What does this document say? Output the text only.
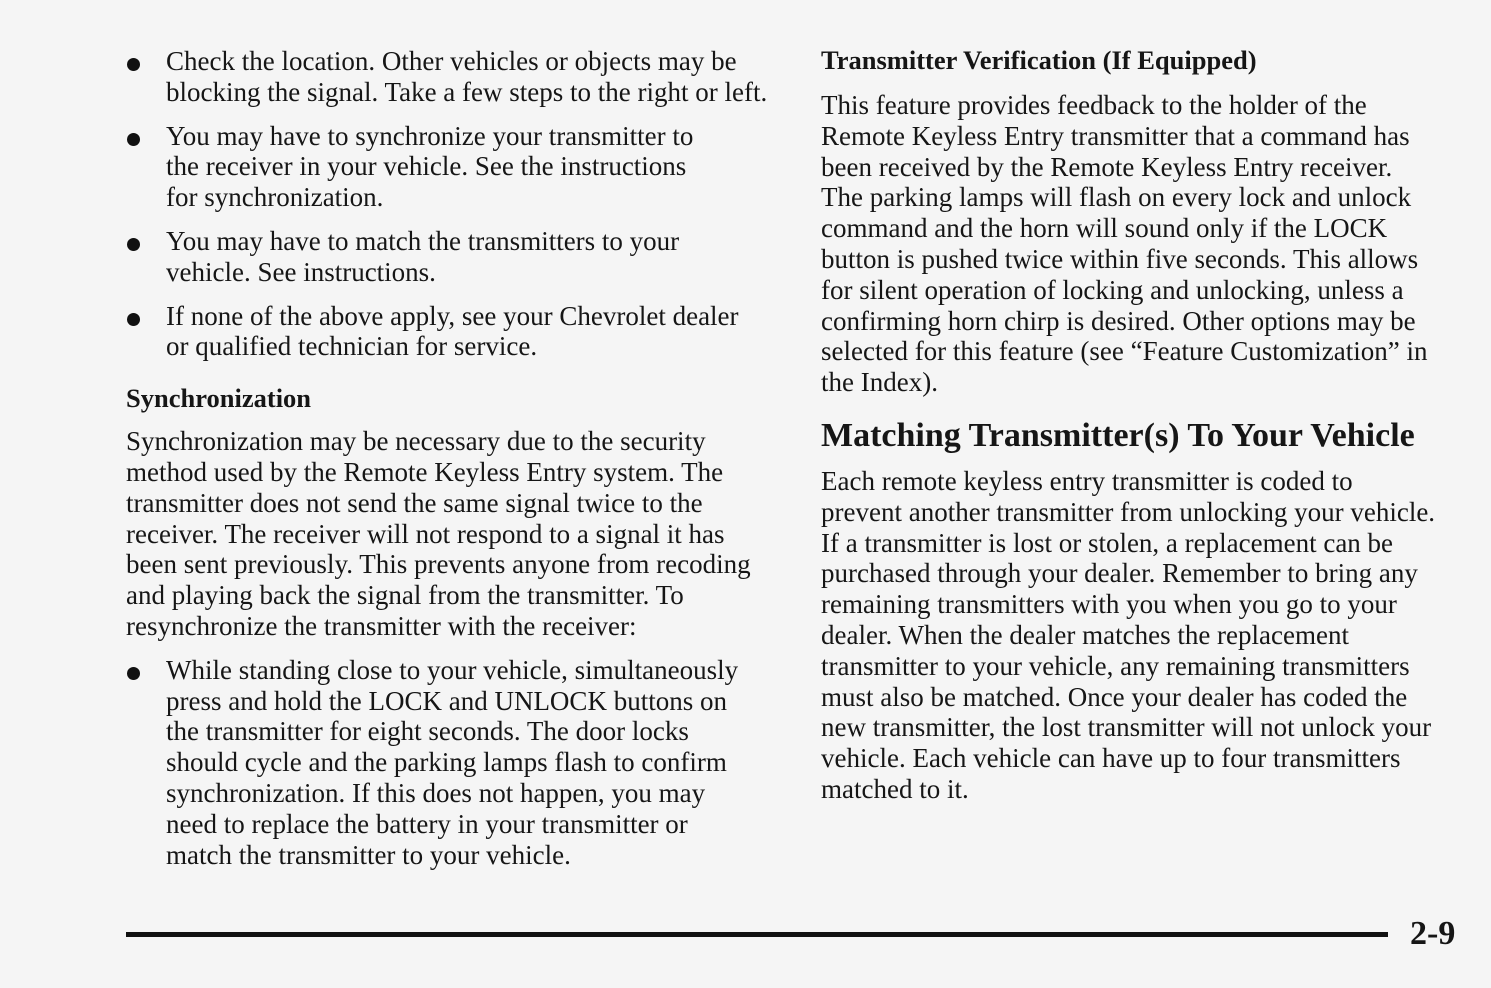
Check the location. Other vehicles or objects may be
blocking the signal. Take a few steps to the right or left.

You may have to synchronize your transmitter to
the receiver in your vehicle. See the instructions
for synchronization.

You may have to match the transmitters to your
vehicle. See instructions.

If none of the above apply, see your Chevrolet dealer
or qualified technician for service.

Synchronization

Synchronization may be necessary due to the security
method used by the Remote Keyless Entry system. The
transmitter does not send the same signal twice to the
receiver. The receiver will not respond to a signal it has
been sent previously. This prevents anyone from recoding
and playing back the signal from the transmitter. To
resynchronize the transmitter with the receiver:

While standing close to your vehicle, simultaneously
press and hold the LOCK and UNLOCK buttons on
the transmitter for eight seconds. The door locks
should cycle and the parking lamps flash to confirm
synchronization. If this does not happen, you may
need to replace the battery in your transmitter or
match the transmitter to your vehicle.

Transmitter Verification (If Equipped)

This feature provides feedback to the holder of the
Remote Keyless Entry transmitter that a command has
been received by the Remote Keyless Entry receiver.
The parking lamps will flash on every lock and unlock
command and the horn will sound only if the LOCK
button is pushed twice within five seconds. This allows
for silent operation of locking and unlocking, unless a
confirming horn chirp is desired. Other options may be
selected for this feature (see “Feature Customization” in
the Index).

Matching Transmitter(s) To Your Vehicle

Each remote keyless entry transmitter is coded to
prevent another transmitter from unlocking your vehicle.
If a transmitter is lost or stolen, a replacement can be
purchased through your dealer. Remember to bring any
remaining transmitters with you when you go to your
dealer. When the dealer matches the replacement
transmitter to your vehicle, any remaining transmitters
must also be matched. Once your dealer has coded the
new transmitter, the lost transmitter will not unlock your
vehicle. Each vehicle can have up to four transmitters
matched to it.

2-9
